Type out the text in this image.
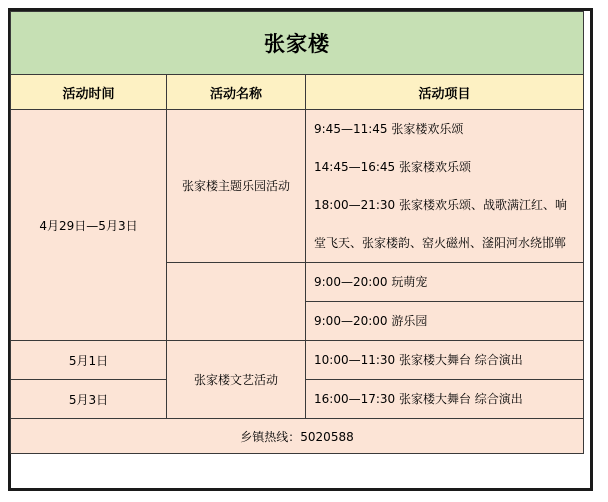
张家楼		
活动时间	活动名称	活动项目
4月29日—5月3日	张家楼主题乐园活动	9:45—11:45 张家楼欢乐颂

		14:45—16:45 张家楼欢乐颂

		18:00—21:30 张家楼欢乐颂、战歌满江红、响堂飞天、张家楼韵、窑火磁州、滏阳河水绕邯郸

		9:00—20:00 玩萌宠

		9:00—20:00 游乐园

5月1日	张家楼文艺活动	10:00—11:30 张家楼大舞台 综合演出

5月3日		16:00—17:30 张家楼大舞台 综合演出

乡镇热线：5020588		
